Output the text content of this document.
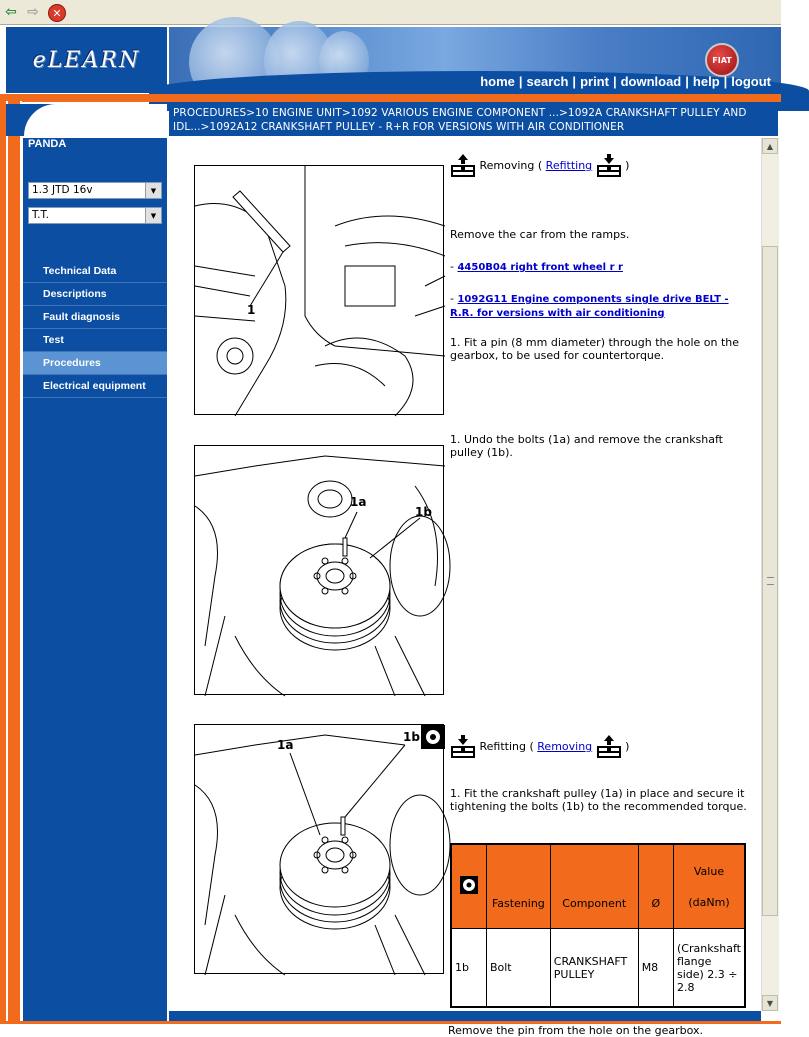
⇦ ⇨	✕
eLEARN	FIAT
home | search | print | download | help | logout
PROCEDURES>10 ENGINE UNIT>1092 VARIOUS ENGINE COMPONENT ...>1092A CRANKSHAFT PULLEY AND IDL...>1092A12 CRANKSHAFT PULLEY - R+R FOR VERSIONS WITH AIR CONDITIONER
PANDA
1.3 JTD 16v	▼
T.T.	▼
Technical Data
Descriptions
Fault diagnosis
Test
Procedures
Electrical equipment
1
Removing ( Refitting	)
Remove the car from the ramps.
- 4450B04 right front wheel r r
- 1092G11 Engine components single drive BELT - R.R. for versions with air conditioning
1. Fit a pin (8 mm diameter) through the hole on the gearbox, to be used for countertorque.
1a
1b
1. Undo the bolts (1a) and remove the crankshaft pulley (1b).
1a
1b
Refitting ( Removing	)
1. Fit the crankshaft pulley (1a) in place and secure it tightening the bolts (1b) to the recommended torque.
	Fastening	Component	Ø	Value
(daNm)

1b	Bolt	CRANKSHAFT PULLEY	M8	(Crankshaft flange side) 2.3 ÷ 2.8
Remove the pin from the hole on the gearbox.
▲
▼
